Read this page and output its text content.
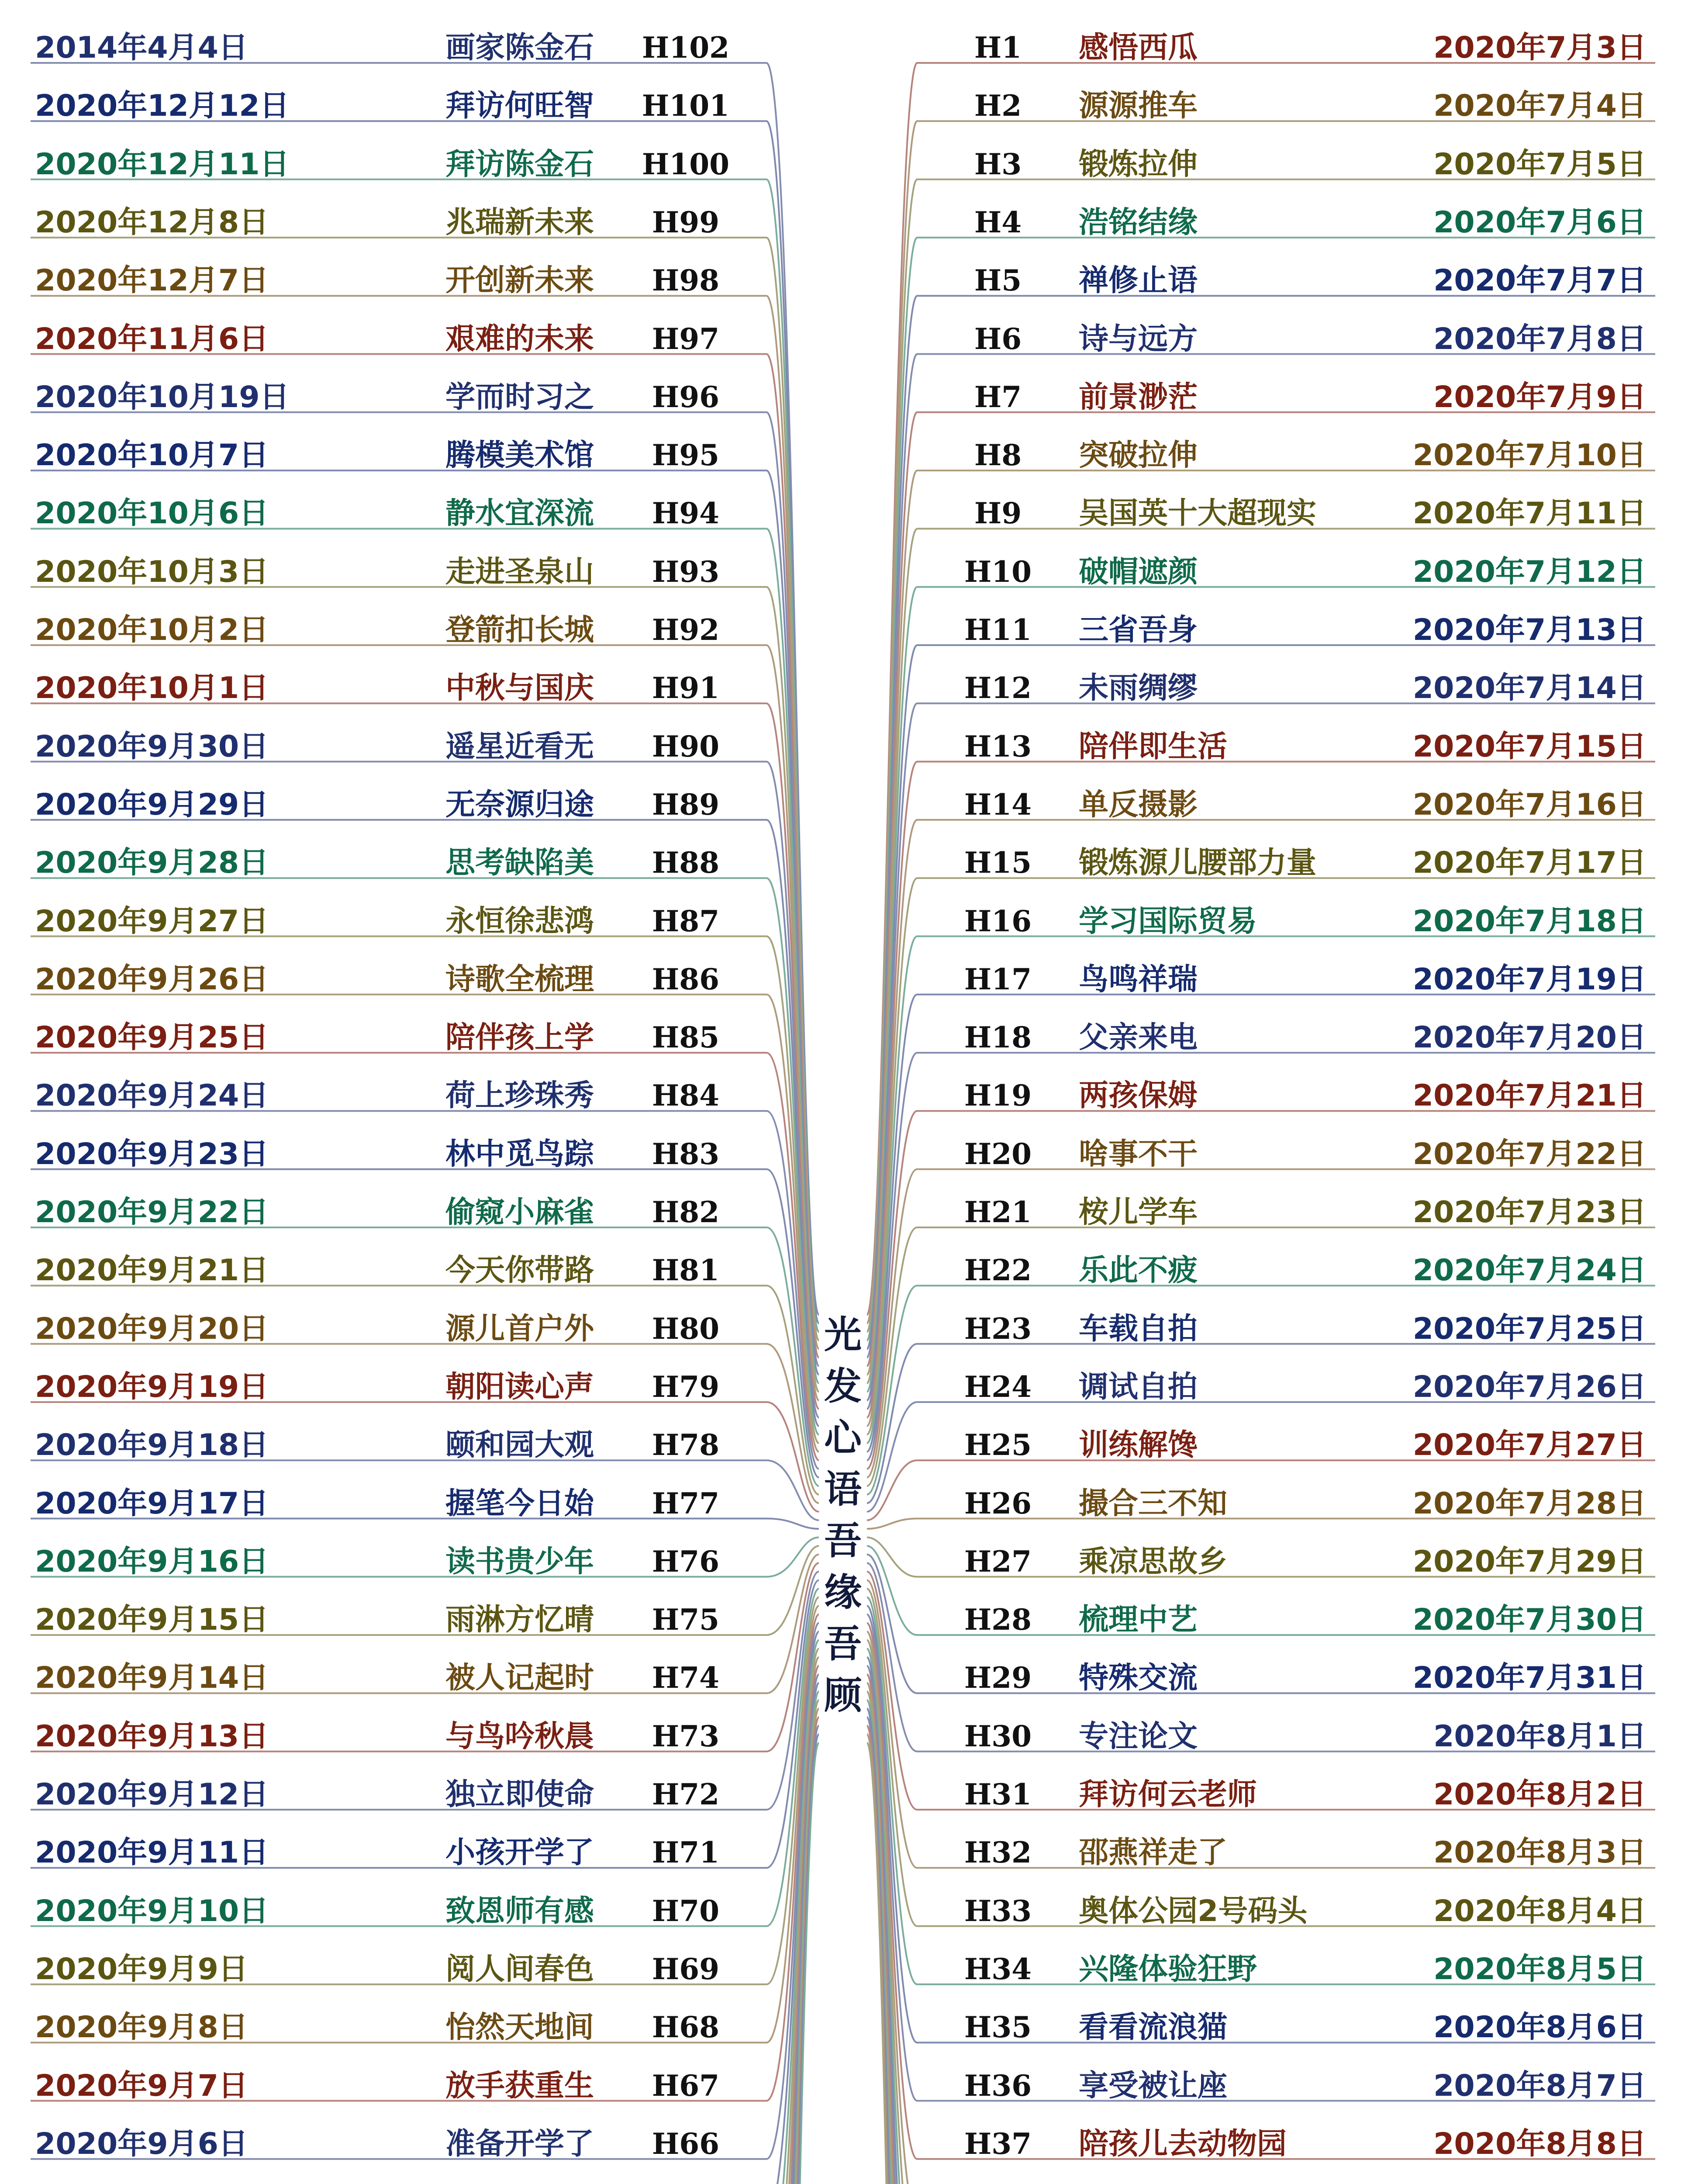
2014年4月4日	画家陈金石	H102
2020年12月12日	拜访何旺智	H101
2020年12月11日	拜访陈金石	H100
2020年12月8日	兆瑞新未来	H99
2020年12月7日	开创新未来	H98
2020年11月6日	艰难的未来	H97
2020年10月19日	学而时习之	H96
2020年10月7日	腾模美术馆	H95
2020年10月6日	静水宜深流	H94
2020年10月3日	走进圣泉山	H93
2020年10月2日	登箭扣长城	H92
2020年10月1日	中秋与国庆	H91
2020年9月30日	遥星近看无	H90
2020年9月29日	无奈源归途	H89
2020年9月28日	思考缺陷美	H88
2020年9月27日	永恒徐悲鸿	H87
2020年9月26日	诗歌全梳理	H86
2020年9月25日	陪伴孩上学	H85
2020年9月24日	荷上珍珠秀	H84
2020年9月23日	林中觅鸟踪	H83
2020年9月22日	偷窥小麻雀	H82
2020年9月21日	今天你带路	H81
2020年9月20日	源儿首户外	H80
2020年9月19日	朝阳读心声	H79
2020年9月18日	颐和园大观	H78
2020年9月17日	握笔今日始	H77
2020年9月16日	读书贵少年	H76
2020年9月15日	雨淋方忆晴	H75
2020年9月14日	被人记起时	H74
2020年9月13日	与鸟吟秋晨	H73
2020年9月12日	独立即使命	H72
2020年9月11日	小孩开学了	H71
2020年9月10日	致恩师有感	H70
2020年9月9日	阅人间春色	H69
2020年9月8日	怡然天地间	H68
2020年9月7日	放手获重生	H67
2020年9月6日	准备开学了	H66
H1	感悟西瓜	2020年7月3日
H2	源源推车	2020年7月4日
H3	锻炼拉伸	2020年7月5日
H4	浩铭结缘	2020年7月6日
H5	禅修止语	2020年7月7日
H6	诗与远方	2020年7月8日
H7	前景渺茫	2020年7月9日
H8	突破拉伸	2020年7月10日
H9	吴国英十大超现实	2020年7月11日
H10	破帽遮颜	2020年7月12日
H11	三省吾身	2020年7月13日
H12	未雨绸缪	2020年7月14日
H13	陪伴即生活	2020年7月15日
H14	单反摄影	2020年7月16日
H15	锻炼源儿腰部力量	2020年7月17日
H16	学习国际贸易	2020年7月18日
H17	鸟鸣祥瑞	2020年7月19日
H18	父亲来电	2020年7月20日
H19	两孩保姆	2020年7月21日
H20	啥事不干	2020年7月22日
H21	桉儿学车	2020年7月23日
H22	乐此不疲	2020年7月24日
H23	车载自拍	2020年7月25日
H24	调试自拍	2020年7月26日
H25	训练解馋	2020年7月27日
H26	撮合三不知	2020年7月28日
H27	乘凉思故乡	2020年7月29日
H28	梳理中艺	2020年7月30日
H29	特殊交流	2020年7月31日
H30	专注论文	2020年8月1日
H31	拜访何云老师	2020年8月2日
H32	邵燕祥走了	2020年8月3日
H33	奥体公园2号码头	2020年8月4日
H34	兴隆体验狂野	2020年8月5日
H35	看看流浪猫	2020年8月6日
H36	享受被让座	2020年8月7日
H37	陪孩儿去动物园	2020年8月8日
光
发
心
语
吾
缘
吾
顾
